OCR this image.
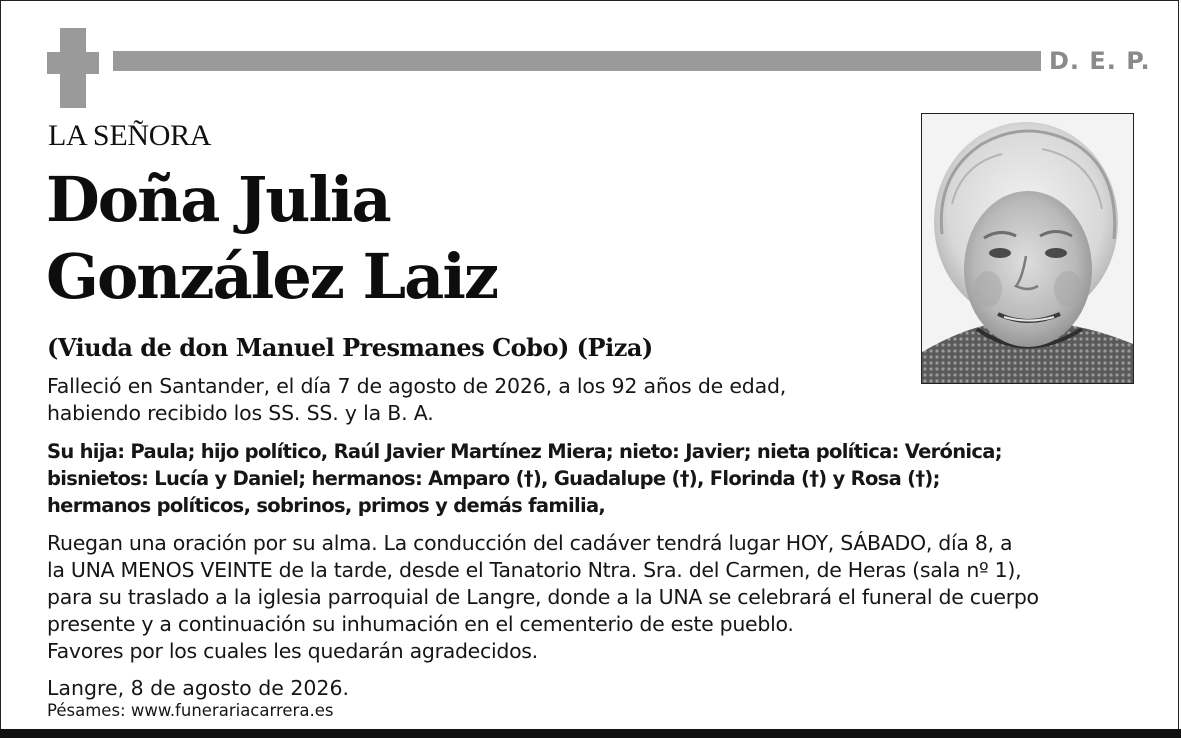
D. E. P.
LA SEÑORA
Doña Julia
González Laiz
(Viuda de don Manuel Presmanes Cobo) (Piza)
Falleció en Santander, el día 7 de agosto de 2026, a los 92 años de edad,
habiendo recibido los SS. SS. y la B. A.
Su hija: Paula; hijo político, Raúl Javier Martínez Miera; nieto: Javier; nieta política: Verónica;
bisnietos: Lucía y Daniel; hermanos: Amparo (†), Guadalupe (†), Florinda (†) y Rosa (†);
hermanos políticos, sobrinos, primos y demás familia,
Ruegan una oración por su alma. La conducción del cadáver tendrá lugar HOY, SÁBADO, día 8, a
la UNA MENOS VEINTE de la tarde, desde el Tanatorio Ntra. Sra. del Carmen, de Heras (sala nº 1),
para su traslado a la iglesia parroquial de Langre, donde a la UNA se celebrará el funeral de cuerpo
presente y a continuación su inhumación en el cementerio de este pueblo.
Favores por los cuales les quedarán agradecidos.
Langre, 8 de agosto de 2026.
Pésames: www.funerariacarrera.es
